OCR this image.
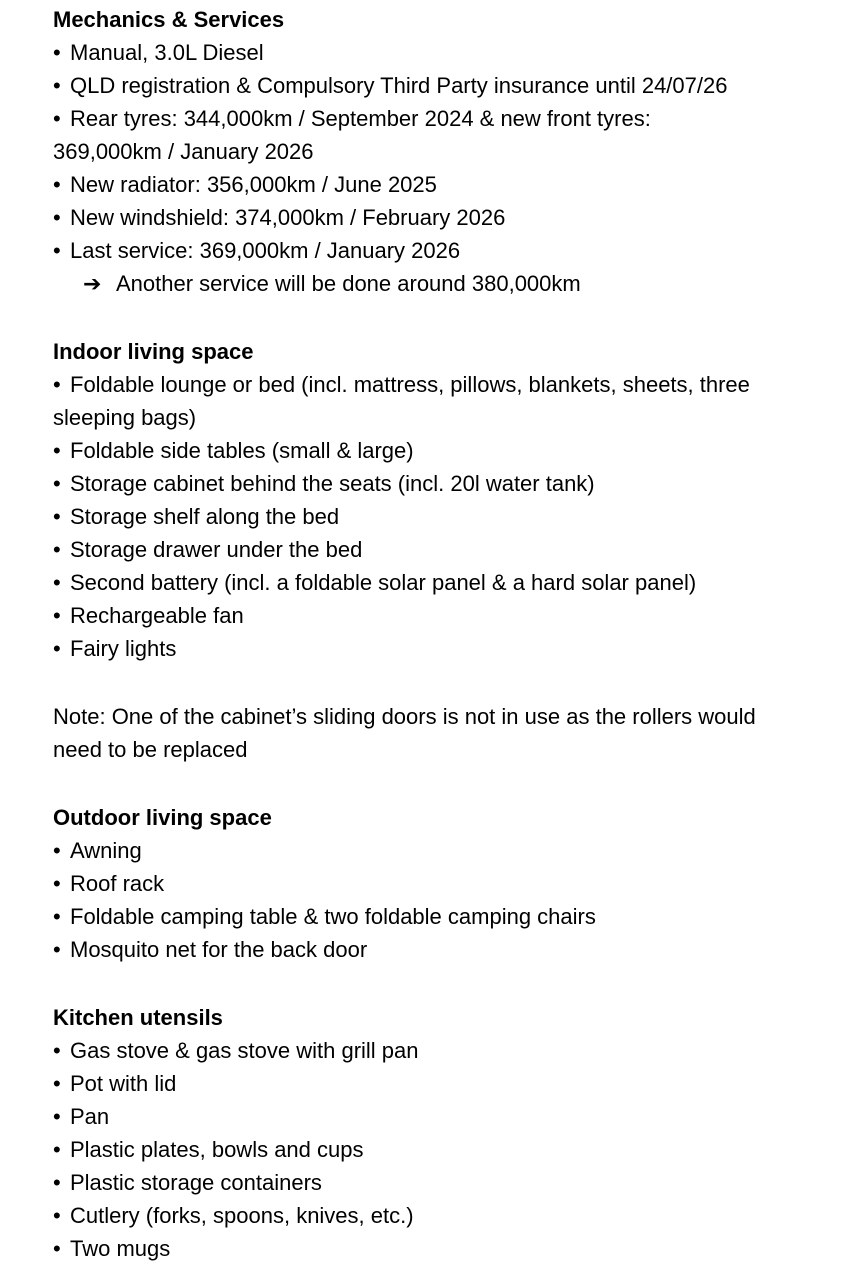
Mechanics & Services
• Manual, 3.0L Diesel
• QLD registration & Compulsory Third Party insurance until 24/07/26
• Rear tyres: 344,000km / September 2024 & new front tyres:
369,000km / January 2026
• New radiator: 356,000km / June 2025
• New windshield: 374,000km / February 2026
• Last service: 369,000km / January 2026
➔ Another service will be done around 380,000km
Indoor living space
• Foldable lounge or bed (incl. mattress, pillows, blankets, sheets, three
sleeping bags)
• Foldable side tables (small & large)
• Storage cabinet behind the seats (incl. 20l water tank)
• Storage shelf along the bed
• Storage drawer under the bed
• Second battery (incl. a foldable solar panel & a hard solar panel)
• Rechargeable fan
• Fairy lights
Note: One of the cabinet’s sliding doors is not in use as the rollers would
need to be replaced
Outdoor living space
• Awning
• Roof rack
• Foldable camping table & two foldable camping chairs
• Mosquito net for the back door
Kitchen utensils
• Gas stove & gas stove with grill pan
• Pot with lid
• Pan
• Plastic plates, bowls and cups
• Plastic storage containers
• Cutlery (forks, spoons, knives, etc.)
• Two mugs
